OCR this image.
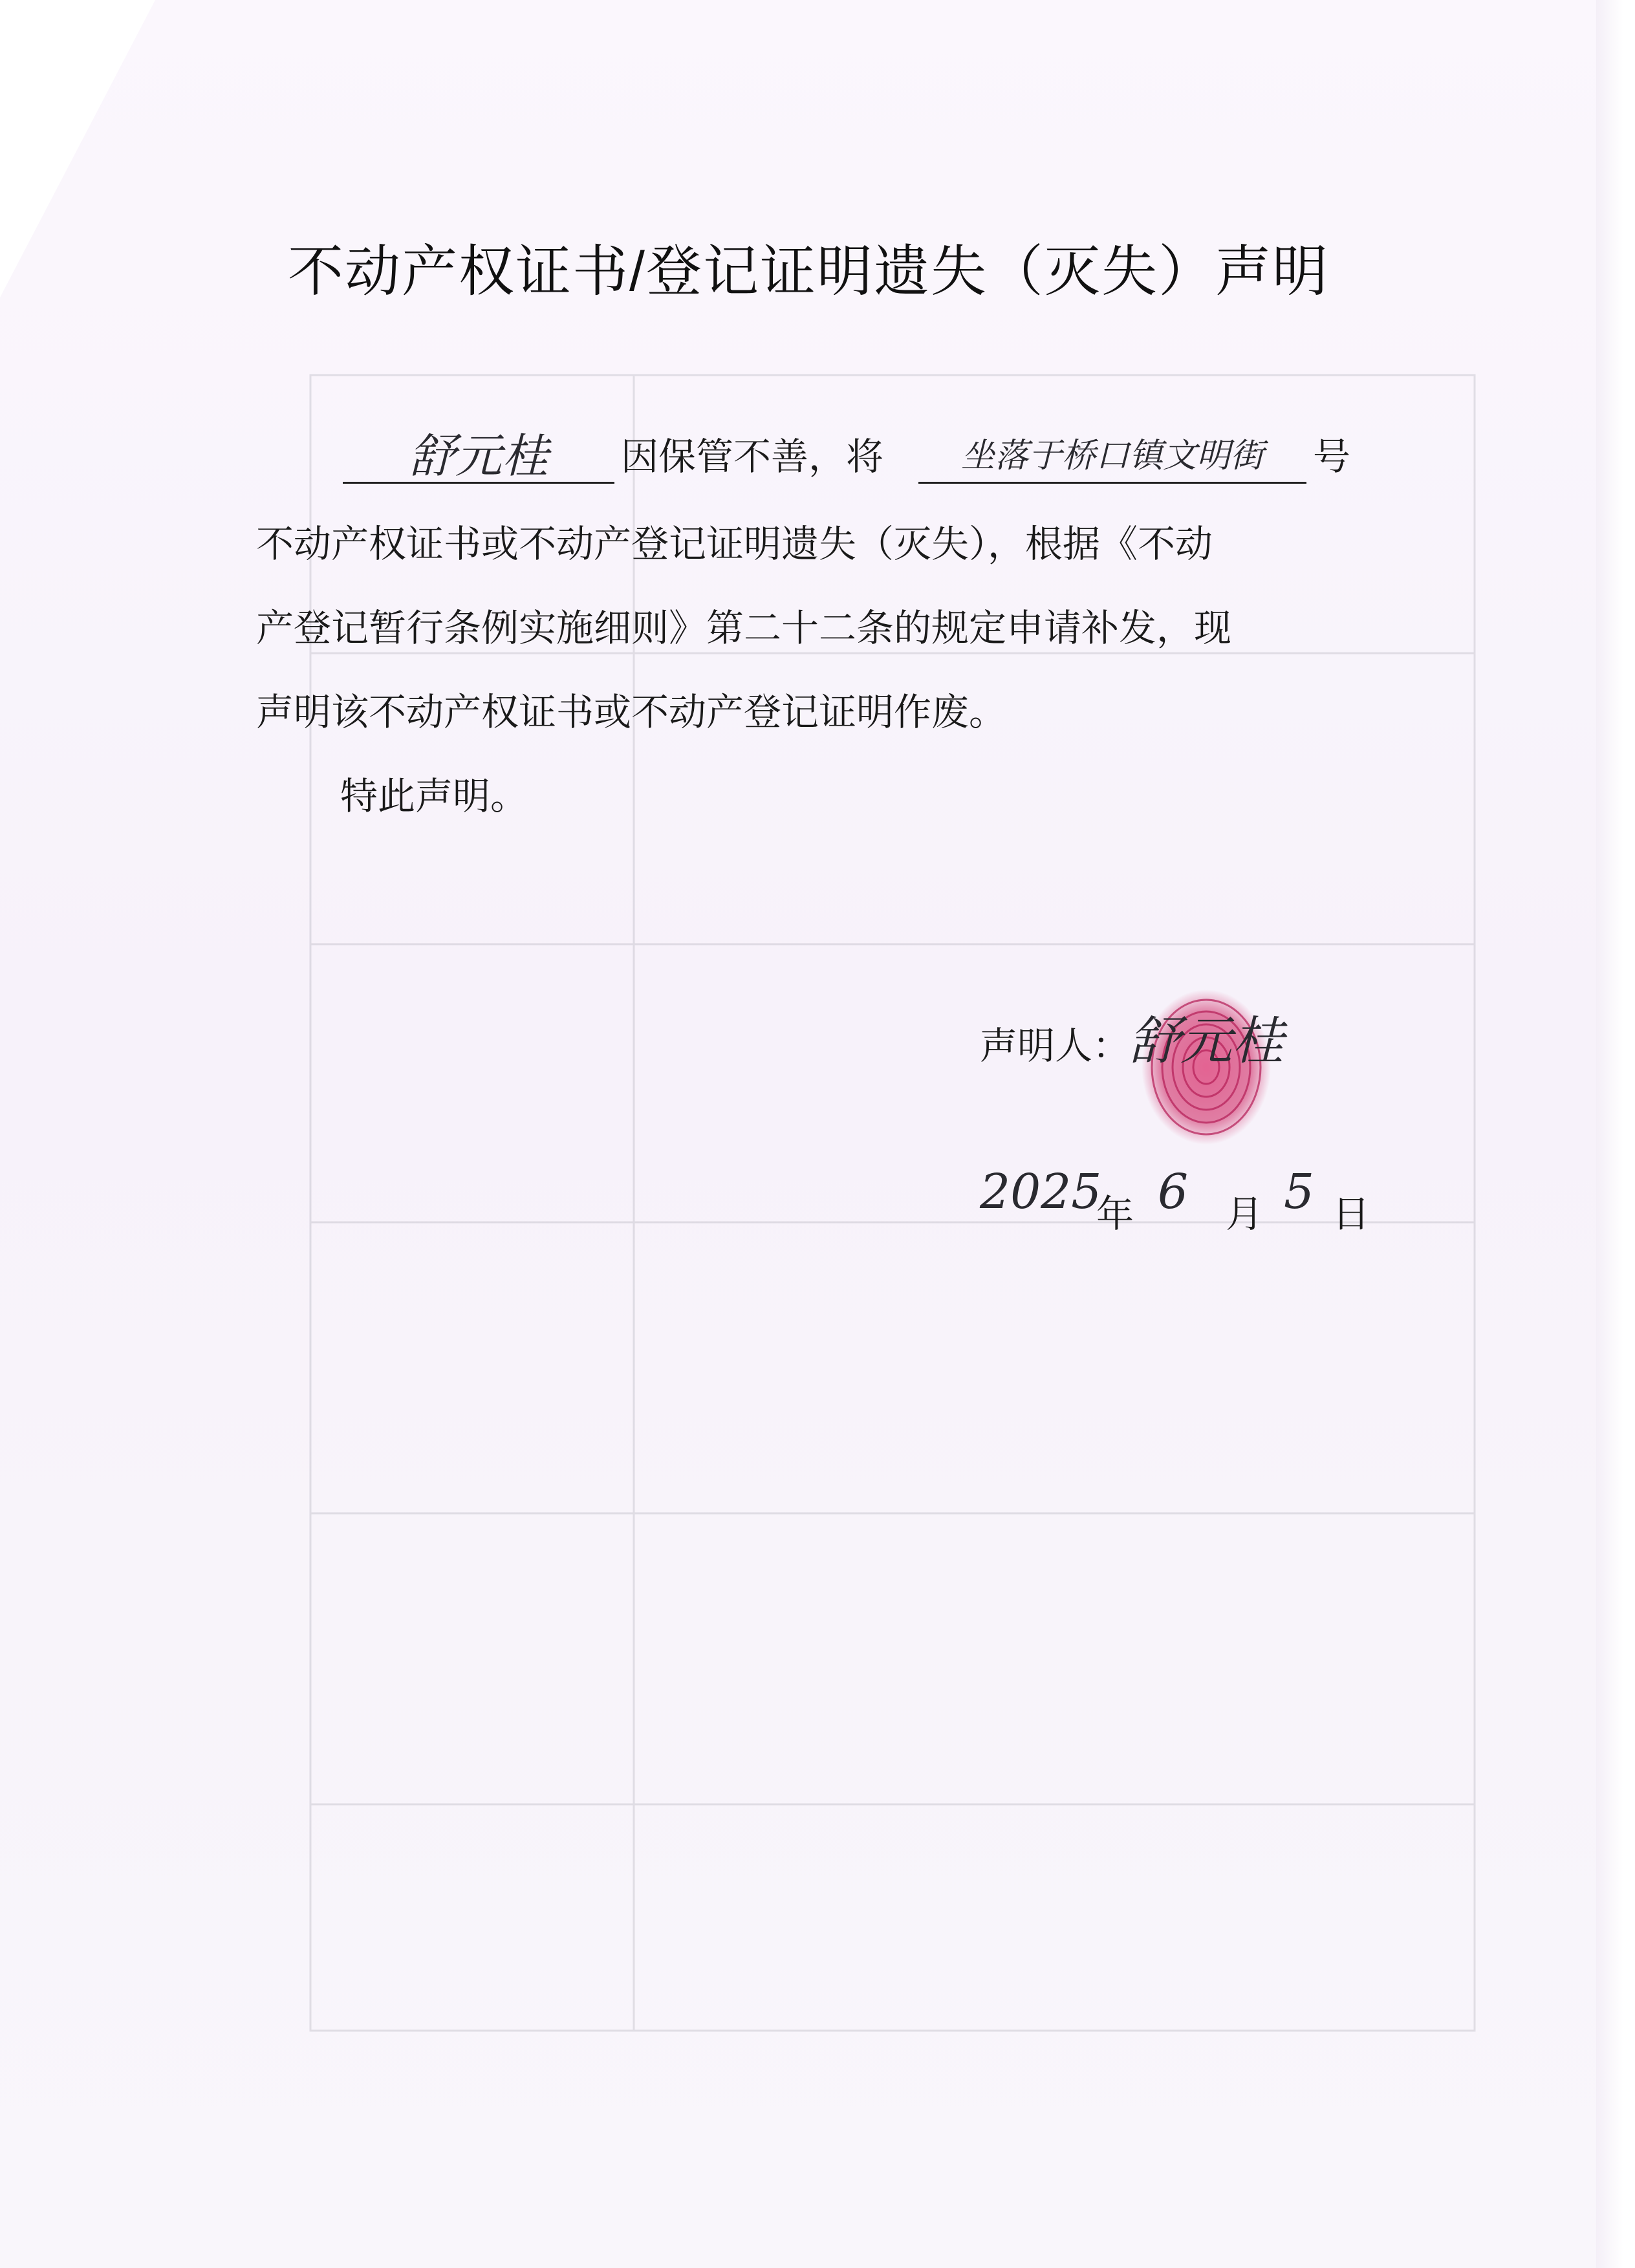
不动产权证书/登记证明遗失（灭失）声明
舒元桂	因保管不善，将	坐落于桥口镇文明街	号
不动产权证书或不动产登记证明遗失（灭失），根据《不动
产登记暂行条例实施细则》第二十二条的规定申请补发，现
声明该不动产权证书或不动产登记证明作废。
特此声明。
声明人：
舒元桂
2025
年 6 月 5 日
